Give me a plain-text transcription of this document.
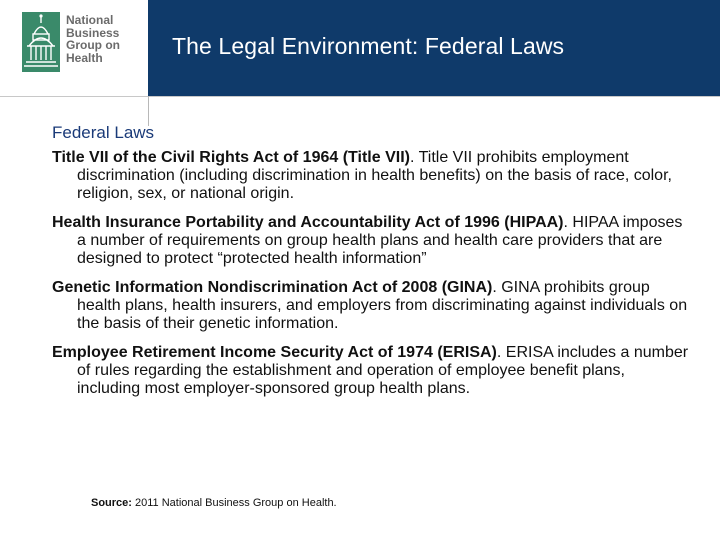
National
Business
Group on
Health	The Legal Environment: Federal Laws
Federal Laws

Title VII of the Civil Rights Act of 1964 (Title VII). Title VII prohibits employment discrimination (including discrimination in health benefits) on the basis of race, color, religion, sex, or national origin.

Health Insurance Portability and Accountability Act of 1996 (HIPAA). HIPAA imposes a number of requirements on group health plans and health care providers that are designed to protect “protected health information”

Genetic Information Nondiscrimination Act of 2008 (GINA). GINA prohibits group health plans, health insurers, and employers from discriminating against individuals on the basis of their genetic information.

Employee Retirement Income Security Act of 1974 (ERISA). ERISA includes a number of rules regarding the establishment and operation of employee benefit plans, including most employer-sponsored group health plans.

Source: 2011 National Business Group on Health.
